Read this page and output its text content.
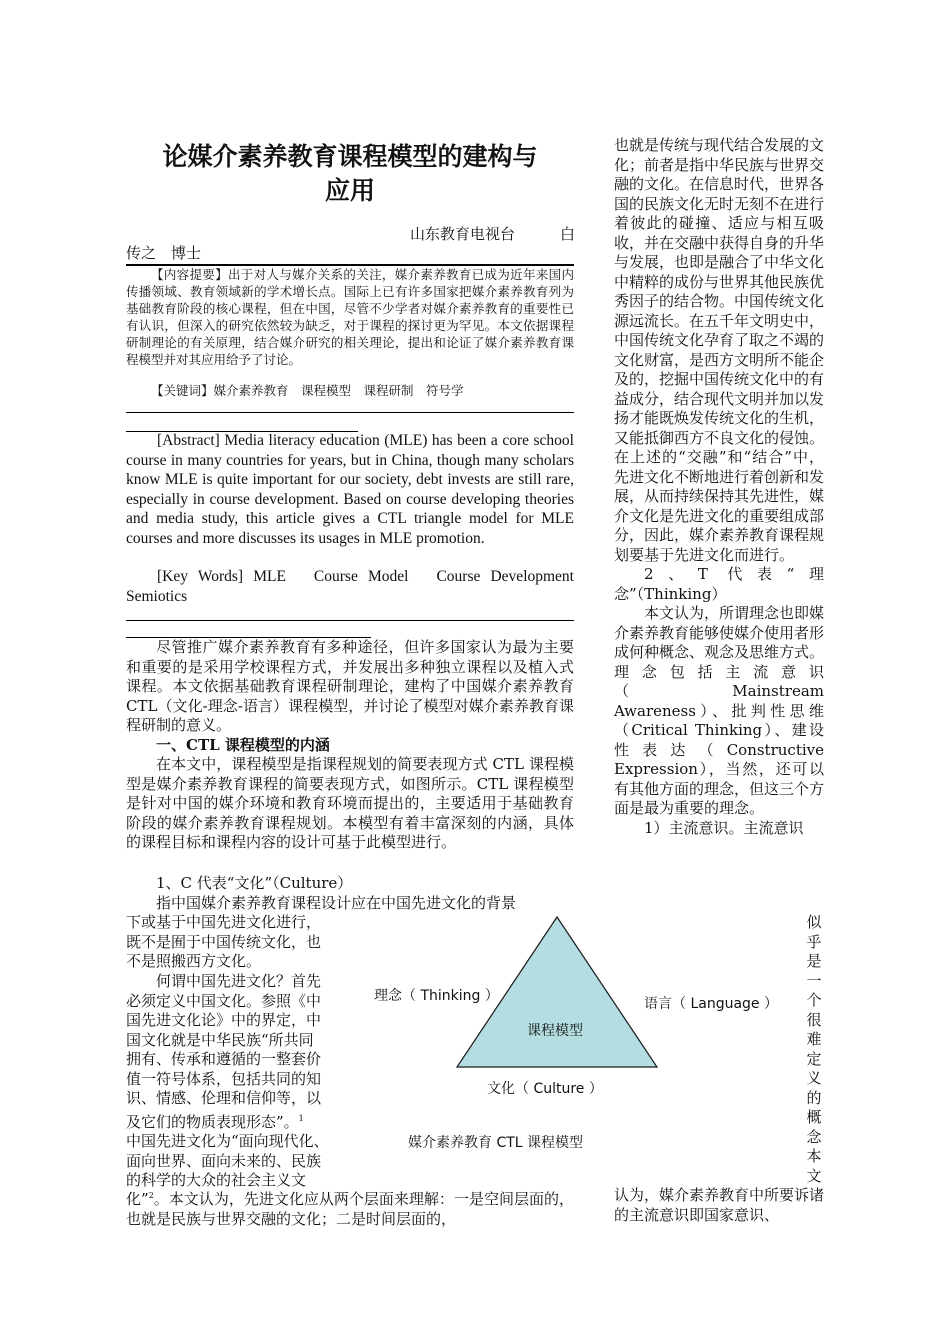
论媒介素养教育课程模型的建构与
应用
山东教育电视台　　　白
传之　博士
【内容提要】出于对人与媒介关系的关注，媒介素养教育已成为近年来国内传播领域、教育领域新的学术增长点。国际上已有许多国家把媒介素养教育列为基础教育阶段的核心课程，但在中国，尽管不少学者对媒介素养教育的重要性已有认识，但深入的研究依然较为缺乏，对于课程的探讨更为罕见。本文依据课程研制理论的有关原理，结合媒介研究的相关理论，提出和论证了媒介素养教育课程模型并对其应用给予了讨论。
【关键词】媒介素养教育　课程模型　课程研制　符号学
[Abstract] Media literacy education (MLE) has been a core school course in many countries for years, but in China, though many scholars know MLE is quite important for our society, debt invests are still rare, especially in course development. Based on course developing theories and media study, this article gives a CTL triangle model for MLE courses and more discusses its usages in MLE promotion.
[Key Words] MLE　Course Model　Course Development Semiotics
尽管推广媒介素养教育有多种途径，但许多国家认为最为主要和重要的是采用学校课程方式，并发展出多种独立课程以及植入式课程。本文依据基础教育课程研制理论，建构了中国媒介素养教育 CTL（文化-理念-语言）课程模型，并讨论了模型对媒介素养教育课程研制的意义。
一、CTL 课程模型的内涵
在本文中，课程模型是指课程规划的简要表现方式 CTL 课程模型是媒介素养教育课程的简要表现方式，如图所示。CTL 课程模型是针对中国的媒介环境和教育环境而提出的，主要适用于基础教育阶段的媒介素养教育课程规划。本模型有着丰富深刻的内涵，具体的课程目标和课程内容的设计可基于此模型进行。
1、C 代表“文化”（Culture）
指中国媒介素养教育课程设计应在中国先进文化的背景
下或基于中国先进文化进行，
既不是囿于中国传统文化，也
不是照搬西方文化。
何谓中国先进文化？首先
必须定义中国文化。参照《中
国先进文化论》中的界定，中
国文化就是中华民族“所共同
拥有、传承和遵循的一整套价
值一符号体系，包括共同的知
识、情感、伦理和信仰等，以
及它们的物质表现形态”。$^1$
中国先进文化为“面向现代化、
面向世界、面向未来的、民族
的科学的大众的社会主义文
化”$^2$。本文认为，先进文化应从两个层面来理解：一是空间层面的，也就是民族与世界交融的文化；二是时间层面的，
课程模型
理念（ Thinking ）	语言（ Language ）
文化（ Culture ）
媒介素养教育 CTL 课程模型

也就是传统与现代结合发展的文化；前者是指中华民族与世界交融的文化。在信息时代，世界各国的民族文化无时无刻不在进行着彼此的碰撞、适应与相互吸收，并在交融中获得自身的升华与发展，也即是融合了中华文化中精粹的成份与世界其他民族优秀因子的结合物。中国传统文化源远流长。在五千年文明史中，中国传统文化孕育了取之不竭的文化财富，是西方文明所不能企及的，挖掘中国传统文化中的有益成分，结合现代文明并加以发扬才能既焕发传统文化的生机，又能抵御西方不良文化的侵蚀。在上述的“交融”和“结合”中，先进文化不断地进行着创新和发展，从而持续保持其先进性，媒介文化是先进文化的重要组成部分，因此，媒介素养教育课程规划要基于先进文化而进行。

2、T 代表“理念”（Thinking）

本文认为，所谓理念也即媒介素养教育能够使媒介使用者形成何种概念、观念及思维方式。理念包括主流意识（Mainstream Awareness）、批判性思维（Critical Thinking）、建设性表达（Constructive Expression），当然，还可以有其他方面的理念，但这三个方面是最为重要的理念。

1）主流意识。主流意识

似
乎
是
一
个
很
难
定
义
的
概
念
本
文
认为，媒介素养教育中所要诉诸的主流意识即国家意识、
